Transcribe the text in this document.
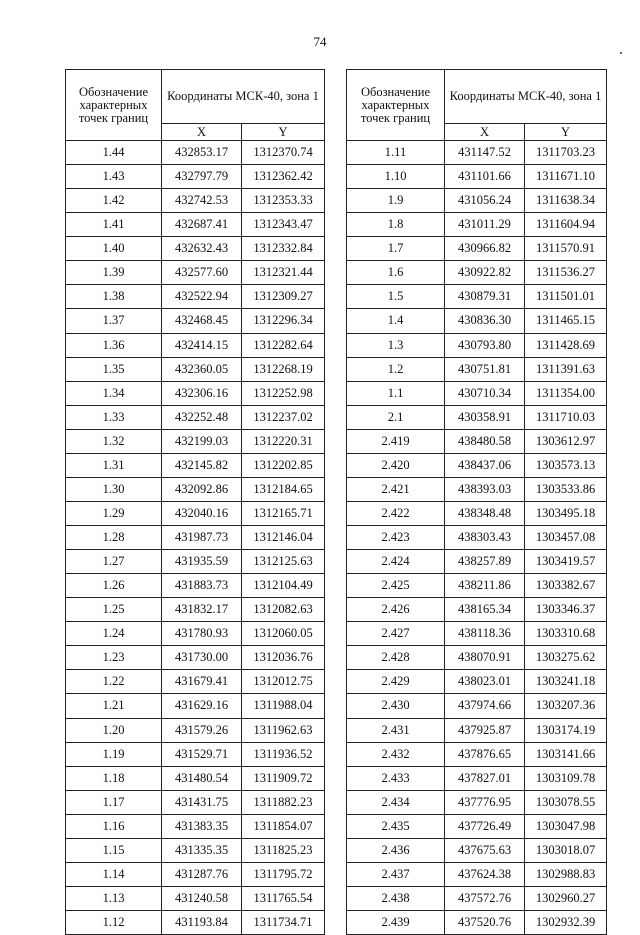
74
Обозначение характерных точек границ	Координаты МСК-40, зона 1	
	X	Y
1.44	432853.17	1312370.74
1.43	432797.79	1312362.42
1.42	432742.53	1312353.33
1.41	432687.41	1312343.47
1.40	432632.43	1312332.84
1.39	432577.60	1312321.44
1.38	432522.94	1312309.27
1.37	432468.45	1312296.34
1.36	432414.15	1312282.64
1.35	432360.05	1312268.19
1.34	432306.16	1312252.98
1.33	432252.48	1312237.02
1.32	432199.03	1312220.31
1.31	432145.82	1312202.85
1.30	432092.86	1312184.65
1.29	432040.16	1312165.71
1.28	431987.73	1312146.04
1.27	431935.59	1312125.63
1.26	431883.73	1312104.49
1.25	431832.17	1312082.63
1.24	431780.93	1312060.05
1.23	431730.00	1312036.76
1.22	431679.41	1312012.75
1.21	431629.16	1311988.04
1.20	431579.26	1311962.63
1.19	431529.71	1311936.52
1.18	431480.54	1311909.72
1.17	431431.75	1311882.23
1.16	431383.35	1311854.07
1.15	431335.35	1311825.23
1.14	431287.76	1311795.72
1.13	431240.58	1311765.54
1.12	431193.84	1311734.71
Обозначение характерных точек границ	Координаты МСК-40, зона 1	
	X	Y
1.11	431147.52	1311703.23
1.10	431101.66	1311671.10
1.9	431056.24	1311638.34
1.8	431011.29	1311604.94
1.7	430966.82	1311570.91
1.6	430922.82	1311536.27
1.5	430879.31	1311501.01
1.4	430836.30	1311465.15
1.3	430793.80	1311428.69
1.2	430751.81	1311391.63
1.1	430710.34	1311354.00
2.1	430358.91	1311710.03
2.419	438480.58	1303612.97
2.420	438437.06	1303573.13
2.421	438393.03	1303533.86
2.422	438348.48	1303495.18
2.423	438303.43	1303457.08
2.424	438257.89	1303419.57
2.425	438211.86	1303382.67
2.426	438165.34	1303346.37
2.427	438118.36	1303310.68
2.428	438070.91	1303275.62
2.429	438023.01	1303241.18
2.430	437974.66	1303207.36
2.431	437925.87	1303174.19
2.432	437876.65	1303141.66
2.433	437827.01	1303109.78
2.434	437776.95	1303078.55
2.435	437726.49	1303047.98
2.436	437675.63	1303018.07
2.437	437624.38	1302988.83
2.438	437572.76	1302960.27
2.439	437520.76	1302932.39
